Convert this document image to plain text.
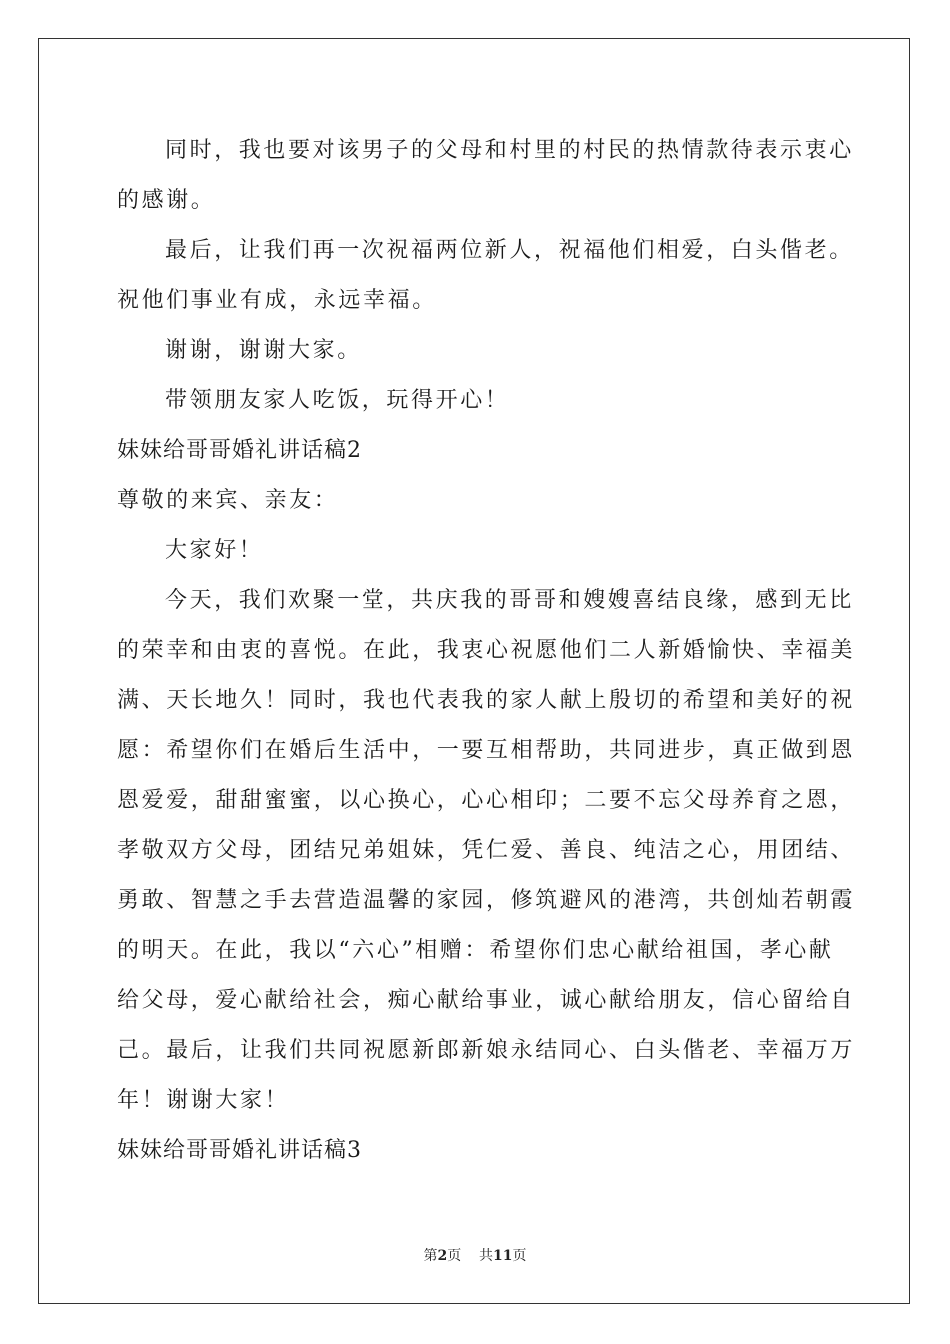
同时，我也要对该男子的父母和村里的村民的热情款待表示衷心
的感谢。
最后，让我们再一次祝福两位新人，祝福他们相爱，白头偕老。
祝他们事业有成，永远幸福。
谢谢，谢谢大家。
带领朋友家人吃饭，玩得开心！
妹妹给哥哥婚礼讲话稿2
尊敬的来宾、亲友：
大家好！
今天，我们欢聚一堂，共庆我的哥哥和嫂嫂喜结良缘，感到无比
的荣幸和由衷的喜悦。在此，我衷心祝愿他们二人新婚愉快、幸福美
满、天长地久！同时，我也代表我的家人献上殷切的希望和美好的祝
愿：希望你们在婚后生活中，一要互相帮助，共同进步，真正做到恩
恩爱爱，甜甜蜜蜜，以心换心，心心相印；二要不忘父母养育之恩，
孝敬双方父母，团结兄弟姐妹，凭仁爱、善良、纯洁之心，用团结、
勇敢、智慧之手去营造温馨的家园，修筑避风的港湾，共创灿若朝霞
的明天。在此，我以“六心”相赠：希望你们忠心献给祖国，孝心献
给父母，爱心献给社会，痴心献给事业，诚心献给朋友，信心留给自
己。最后，让我们共同祝愿新郎新娘永结同心、白头偕老、幸福万万
年！谢谢大家！
妹妹给哥哥婚礼讲话稿3
第2页 共11页
